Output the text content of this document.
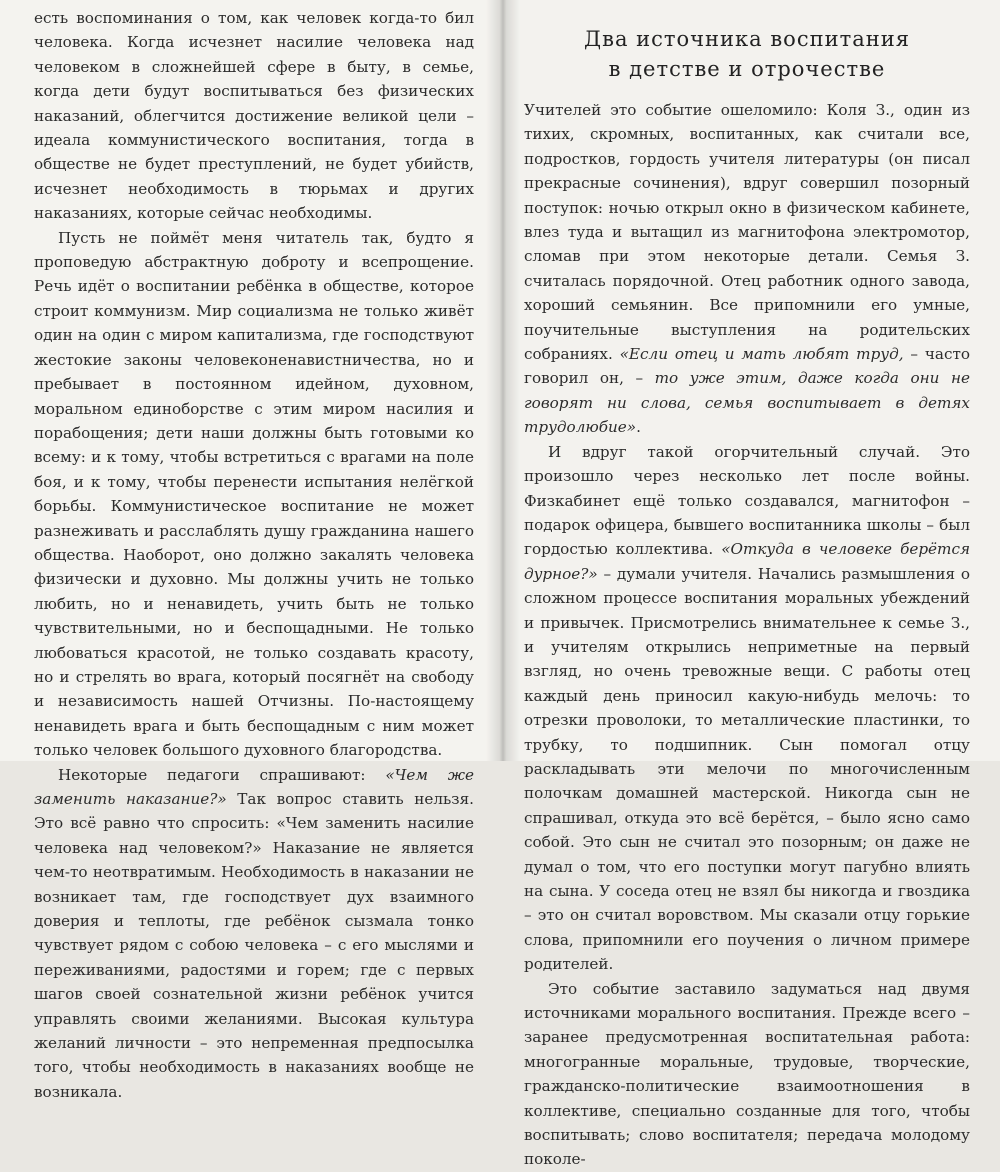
есть воспоминания о том, как человек когда-то бил человека. Когда исчезнет насилие человека над человеком в сложнейшей сфере в быту, в семье, когда дети будут воспитываться без физических наказаний, облегчится достижение великой цели – идеала коммунистического воспитания, тогда в обществе не будет преступлений, не будет убийств, исчезнет необходимость в тюрьмах и других наказаниях, которые сейчас необходимы.

Пусть не поймёт меня читатель так, будто я проповедую абстрактную доброту и всепрощение. Речь идёт о воспитании ребёнка в обществе, которое строит коммунизм. Мир социализма не только живёт один на один с миром капитализма, где господствуют жестокие законы человеконенавистничества, но и пребывает в постоянном идейном, духовном, моральном единоборстве с этим миром насилия и порабощения; дети наши должны быть готовыми ко всему: и к тому, чтобы встретиться с врагами на поле боя, и к тому, чтобы перенести испытания нелёгкой борьбы. Коммунистическое воспитание не может разнеживать и расслаблять душу гражданина нашего общества. Наоборот, оно должно закалять человека физически и духовно. Мы должны учить не только любить, но и ненавидеть, учить быть не только чувствительными, но и беспощадными. Не только любоваться красотой, не только создавать красоту, но и стрелять во врага, который посягнёт на свободу и независимость нашей Отчизны. По-настоящему ненавидеть врага и быть беспощадным с ним может только человек большого духовного благородства.

Некоторые педагоги спрашивают: «Чем же заменить наказание?» Так вопрос ставить нельзя. Это всё равно что спросить: «Чем заменить насилие человека над человеком?» Наказание не является чем-то неотвратимым. Необходимость в наказании не возникает там, где господствует дух взаимного доверия и теплоты, где ребёнок сызмала тонко чувствует рядом с собою человека – с его мыслями и переживаниями, радостями и горем; где с первых шагов своей сознательной жизни ребёнок учится управлять своими желаниями. Высокая культура желаний личности – это непременная предпосылка того, чтобы необходимость в наказаниях вообще не возникала.

Два источника воспитания
в детстве и отрочестве

Учителей это событие ошеломило: Коля З., один из тихих, скромных, воспитанных, как считали все, подростков, гордость учителя литературы (он писал прекрасные сочинения), вдруг совершил позорный поступок: ночью открыл окно в физическом кабинете, влез туда и вытащил из магнитофона электромотор, сломав при этом некоторые детали. Семья З. считалась порядочной. Отец работник одного завода, хороший семьянин. Все припомнили его умные, поучительные выступления на родительских собраниях. «Если отец и мать любят труд, – часто говорил он, – то уже этим, даже когда они не говорят ни слова, семья воспитывает в детях трудолюбие».

И вдруг такой огорчительный случай. Это произошло через несколько лет после войны. Физкабинет ещё только создавался, магнитофон – подарок офицера, бывшего воспитанника школы – был гордостью коллектива. «Откуда в человеке берётся дурное?» – думали учителя. Начались размышления о сложном процессе воспитания моральных убеждений и привычек. Присмотрелись внимательнее к семье З., и учителям открылись неприметные на первый взгляд, но очень тревожные вещи. С работы отец каждый день приносил какую-нибудь мелочь: то отрезки проволоки, то металлические пластинки, то трубку, то подшипник. Сын помогал отцу раскладывать эти мелочи по многочисленным полочкам домашней мастерской. Никогда сын не спрашивал, откуда это всё берётся, – было ясно само собой. Это сын не считал это позорным; он даже не думал о том, что его поступки могут пагубно влиять на сына. У соседа отец не взял бы никогда и гвоздика – это он считал воровством. Мы сказали отцу горькие слова, припомнили его поучения о личном примере родителей.

Это событие заставило задуматься над двумя источниками морального воспитания. Прежде всего – заранее предусмотренная воспитательная работа: многогранные моральные, трудовые, творческие, гражданско-политические взаимоотношения в коллективе, специально созданные для того, чтобы воспитывать; слово воспитателя; передача молодому поколе-
